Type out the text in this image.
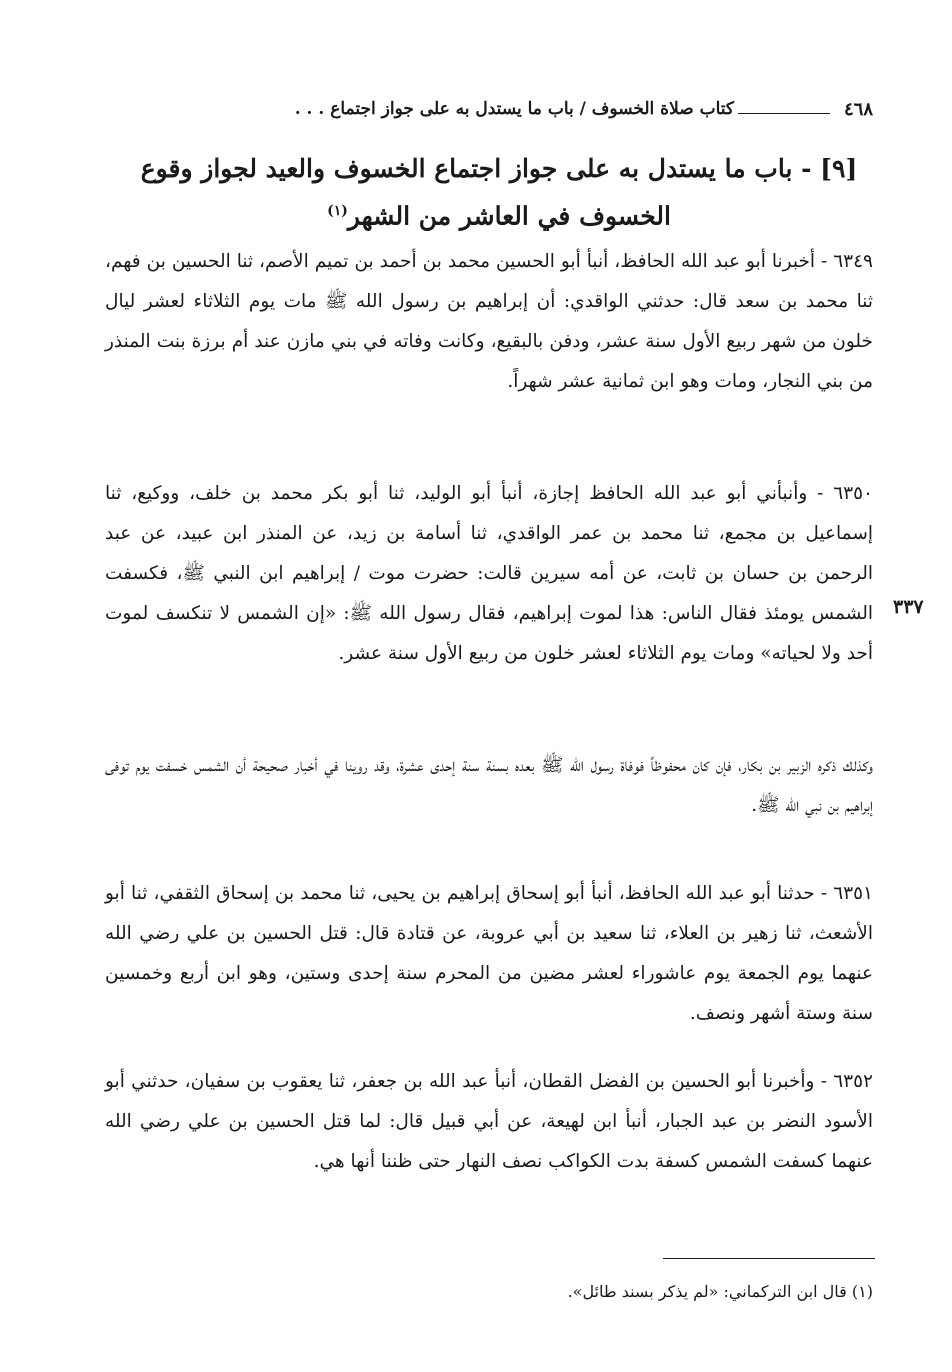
٤٦٨
كتاب صلاة الخسوف / باب ما يستدل به على جواز اجتماع . . .
[٩] - باب ما يستدل به على جواز اجتماع الخسوف والعيد لجواز وقوع الخسوف في العاشر من الشهر$^{(١)}$

٦٣٤٩ - أخبرنا أبو عبد الله الحافظ، أنبأ أبو الحسين محمد بن أحمد بن تميم الأصم، ثنا الحسين بن فهم، ثنا محمد بن سعد قال: حدثني الواقدي: أن إبراهيم بن رسول الله ﷺ مات يوم الثلاثاء لعشر ليال خلون من شهر ربيع الأول سنة عشر، ودفن بالبقيع، وكانت وفاته في بني مازن عند أم برزة بنت المنذر من بني النجار، ومات وهو ابن ثمانية عشر شهراً.

٦٣٥٠ - وأنبأني أبو عبد الله الحافظ إجازة، أنبأ أبو الوليد، ثنا أبو بكر محمد بن خلف، ووكيع، ثنا إسماعيل بن مجمع، ثنا محمد بن عمر الواقدي، ثنا أسامة بن زيد، عن المنذر ابن عبيد، عن عبد الرحمن بن حسان بن ثابت، عن أمه سيرين قالت: حضرت موت / إبراهيم ابن النبي ﷺ، فكسفت الشمس يومئذ فقال الناس: هذا لموت إبراهيم، فقال رسول الله ﷺ: «إن الشمس لا تنكسف لموت أحد ولا لحياته» ومات يوم الثلاثاء لعشر خلون من ربيع الأول سنة عشر.

وكذلك ذكره الزبير بن بكار، فإن كان محفوظاً فوفاة رسول الله ﷺ بعده بسنة سنة إحدى عشرة، وقد روينا في أخبار صحيحة أن الشمس خسفت يوم توفى إبراهيم بن نبي الله ﷺ.

٦٣٥١ - حدثنا أبو عبد الله الحافظ، أنبأ أبو إسحاق إبراهيم بن يحيى، ثنا محمد بن إسحاق الثقفي، ثنا أبو الأشعث، ثنا زهير بن العلاء، ثنا سعيد بن أبي عروبة، عن قتادة قال: قتل الحسين بن علي رضي الله عنهما يوم الجمعة يوم عاشوراء لعشر مضين من المحرم سنة إحدى وستين، وهو ابن أربع وخمسين سنة وستة أشهر ونصف.

٦٣٥٢ - وأخبرنا أبو الحسين بن الفضل القطان، أنبأ عبد الله بن جعفر، ثنا يعقوب بن سفيان، حدثني أبو الأسود النضر بن عبد الجبار، أنبأ ابن لهيعة، عن أبي قبيل قال: لما قتل الحسين بن علي رضي الله عنهما كسفت الشمس كسفة بدت الكواكب نصف النهار حتى ظننا أنها هي.

٣٣٧
(١) قال ابن التركماني: «لم يذكر بسند طائل».
